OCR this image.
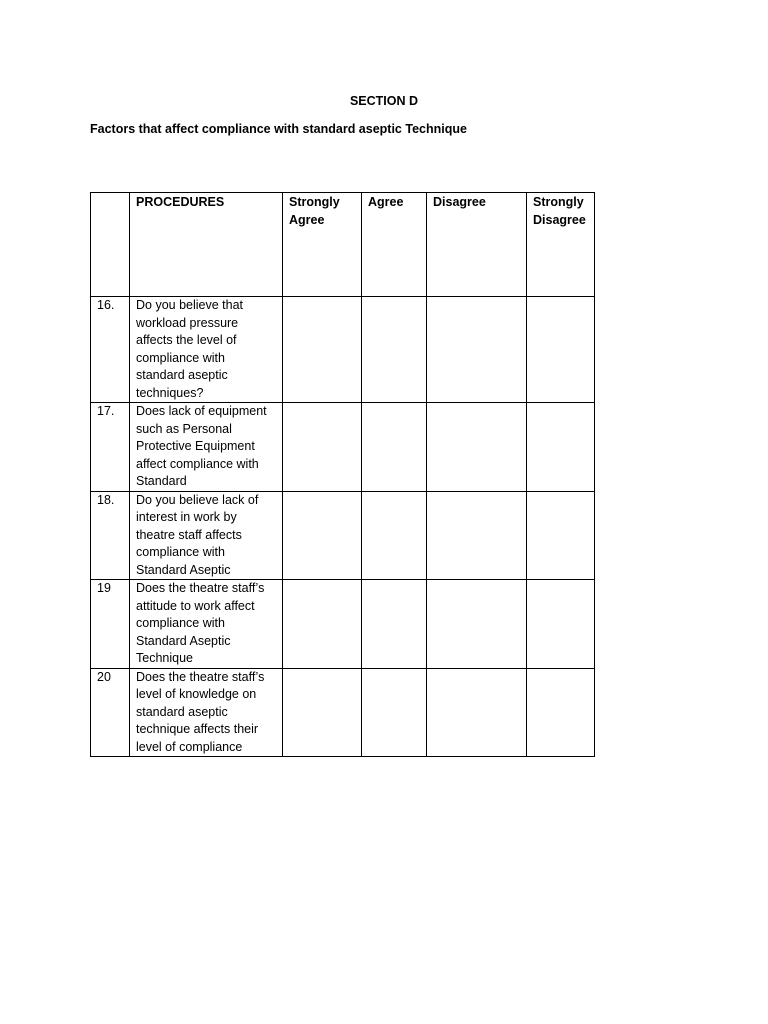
SECTION D
Factors that affect compliance with standard aseptic Technique
	PROCEDURES	Strongly Agree	Agree	Disagree	Strongly Disagree
16.	Do you believe that workload pressure affects the level of compliance with standard aseptic techniques?				

17.	Does lack of equipment such as Personal Protective Equipment affect compliance with Standard				

18.	Do you believe lack of interest in work by theatre staff affects compliance with Standard Aseptic				

19	Does the theatre staff’s attitude to work affect compliance with Standard Aseptic Technique				

20	Does the theatre staff’s level of knowledge on standard aseptic technique affects their level of compliance				
